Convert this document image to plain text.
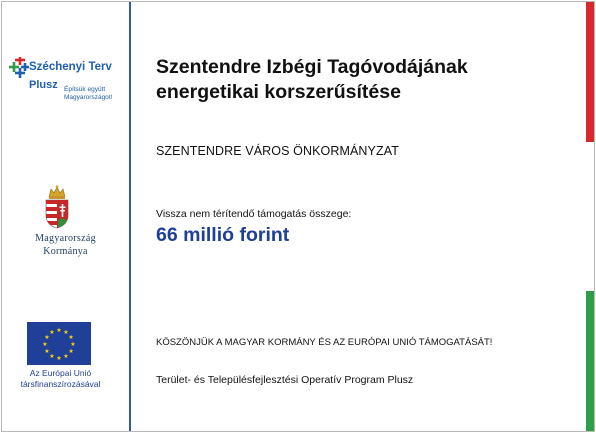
Széchenyi Terv
Plusz Építsük együtt
Magyarországot!
Magyarország
Kormánya
★ ★
★
★
★
★
★
★
★
★
★
★
Az Európai Unió
társfinanszírozásával
Szentendre Izbégi Tagóvodájának
energetikai korszerűsítése
SZENTENDRE VÁROS ÖNKORMÁNYZAT
Vissza nem térítendő támogatás összege:
66 millió forint
KÖSZÖNJÜK A MAGYAR KORMÁNY ÉS AZ EURÓPAI UNIÓ TÁMOGATÁSÁT!
Terület- és Településfejlesztési Operatív Program Plusz
